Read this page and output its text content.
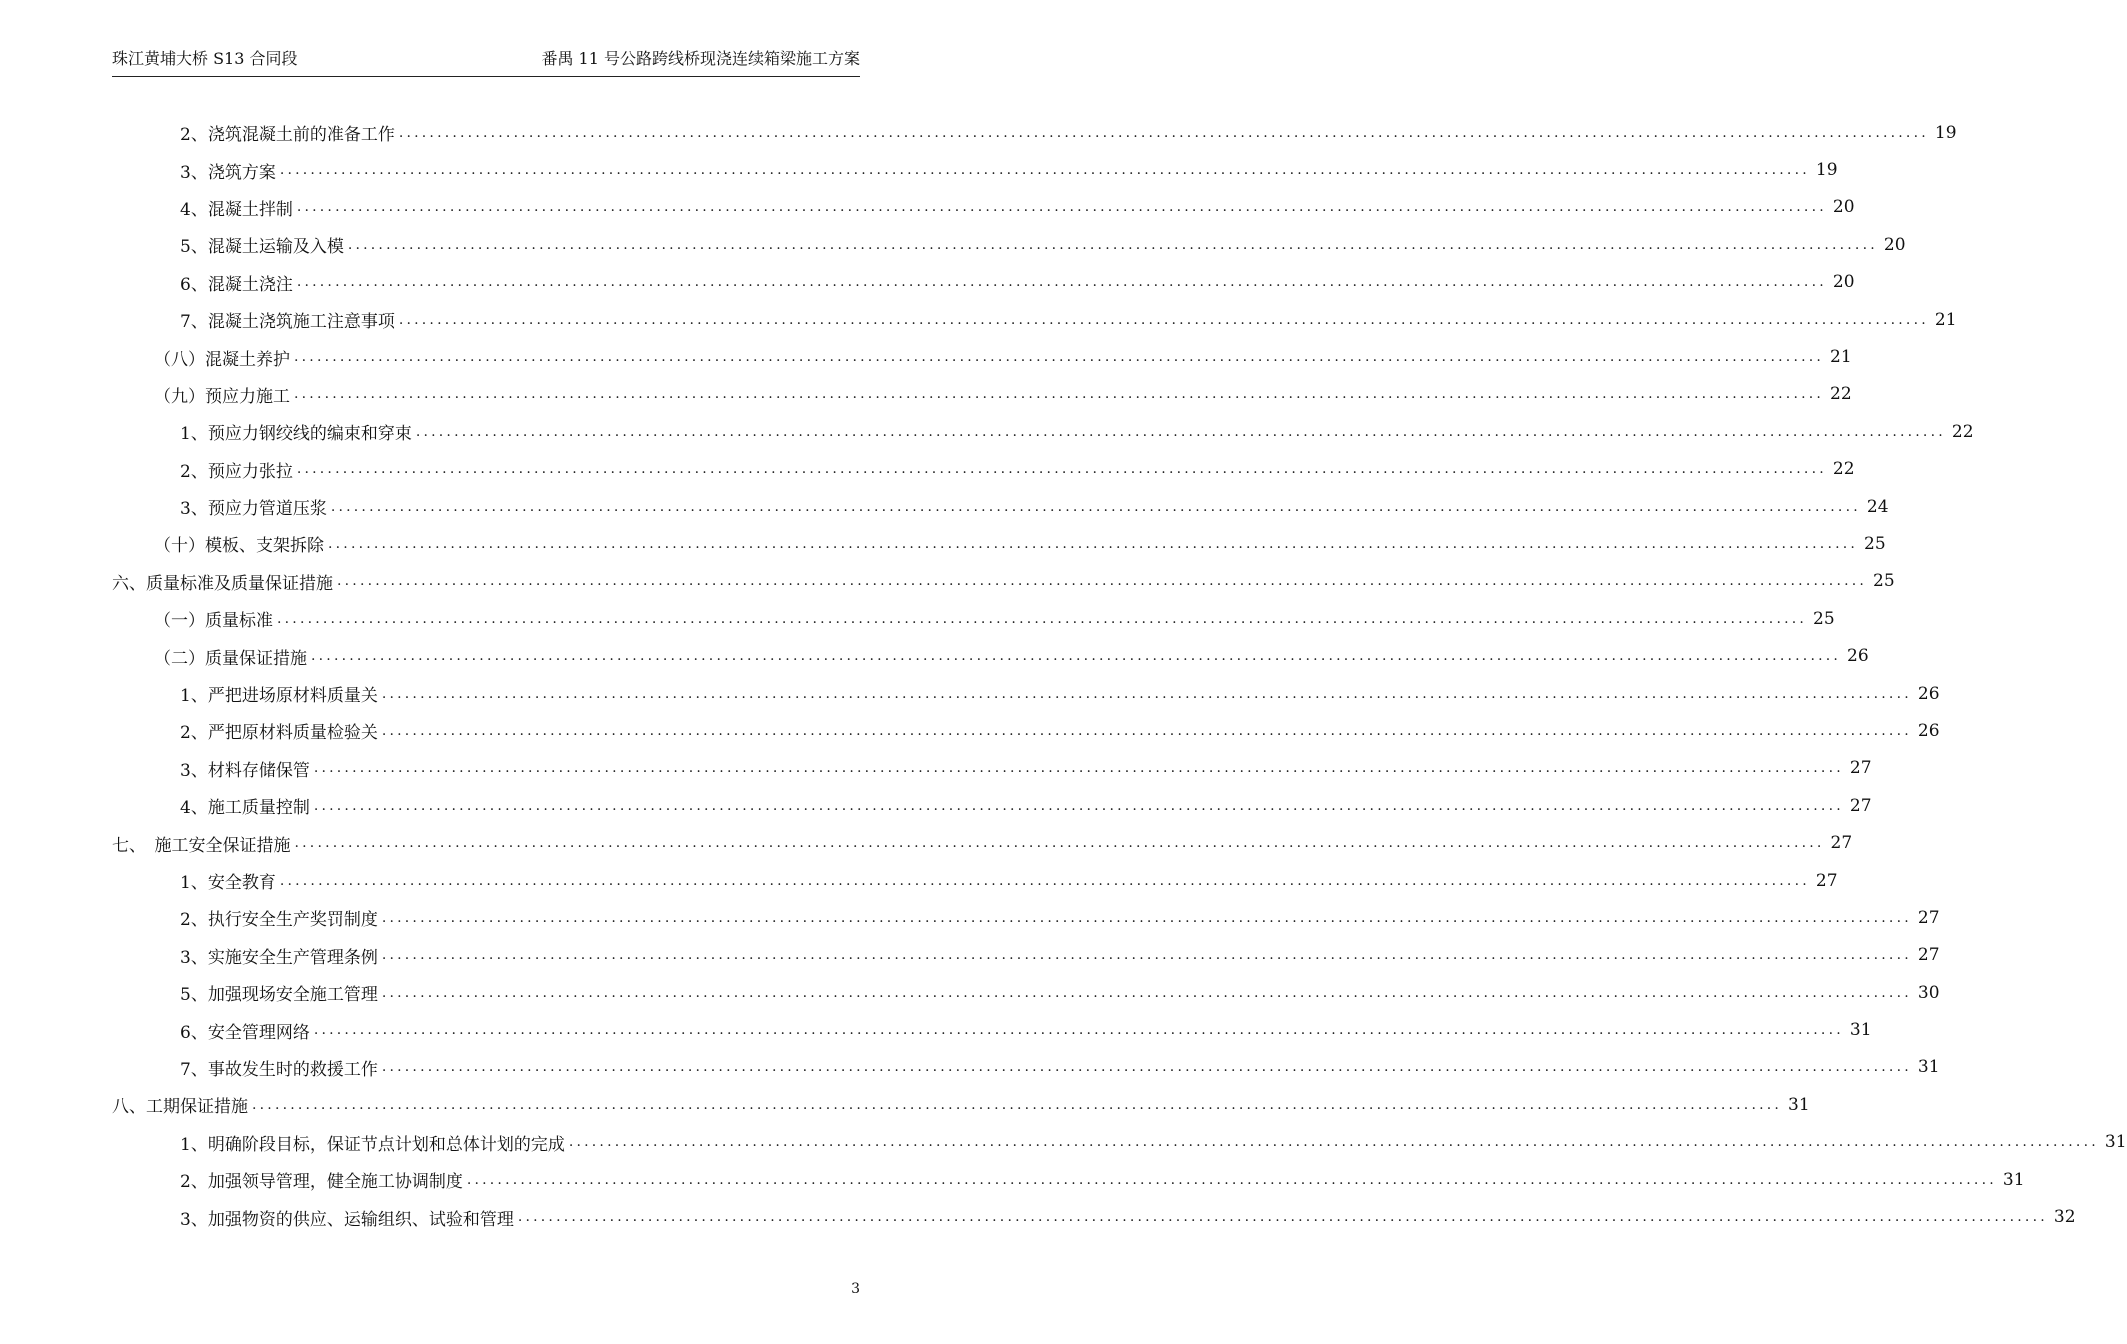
珠江黄埔大桥 S13 合同段	番禺 11 号公路跨线桥现浇连续箱梁施工方案
2、浇筑混凝土前的准备工作 ........................................................................................................................................................................................................ 19
3、浇筑方案 ........................................................................................................................................................................................................ 19
4、混凝土拌制 ........................................................................................................................................................................................................ 20
5、混凝土运输及入模 ........................................................................................................................................................................................................ 20
6、混凝土浇注 ........................................................................................................................................................................................................ 20
7、混凝土浇筑施工注意事项 ........................................................................................................................................................................................................ 21
（八）混凝土养护 ........................................................................................................................................................................................................ 21
（九）预应力施工 ........................................................................................................................................................................................................ 22
1、预应力钢绞线的编束和穿束 ........................................................................................................................................................................................................ 22
2、预应力张拉 ........................................................................................................................................................................................................ 22
3、预应力管道压浆 ........................................................................................................................................................................................................ 24
（十）模板、支架拆除 ........................................................................................................................................................................................................ 25
六、质量标准及质量保证措施 ........................................................................................................................................................................................................ 25
（一）质量标准 ........................................................................................................................................................................................................ 25
（二）质量保证措施 ........................................................................................................................................................................................................ 26
1、严把进场原材料质量关 ........................................................................................................................................................................................................ 26
2、严把原材料质量检验关 ........................................................................................................................................................................................................ 26
3、材料存储保管 ........................................................................................................................................................................................................ 27
4、施工质量控制 ........................................................................................................................................................................................................ 27
七、　施工安全保证措施 ........................................................................................................................................................................................................ 27
1、安全教育 ........................................................................................................................................................................................................ 27
2、执行安全生产奖罚制度 ........................................................................................................................................................................................................ 27
3、实施安全生产管理条例 ........................................................................................................................................................................................................ 27
5、加强现场安全施工管理 ........................................................................................................................................................................................................ 30
6、安全管理网络 ........................................................................................................................................................................................................ 31
7、事故发生时的救援工作 ........................................................................................................................................................................................................ 31
八、工期保证措施 ........................................................................................................................................................................................................ 31
1、明确阶段目标，保证节点计划和总体计划的完成 ........................................................................................................................................................................................................ 31
2、加强领导管理，健全施工协调制度 ........................................................................................................................................................................................................ 31
3、加强物资的供应、运输组织、试验和管理 ........................................................................................................................................................................................................ 32
3
